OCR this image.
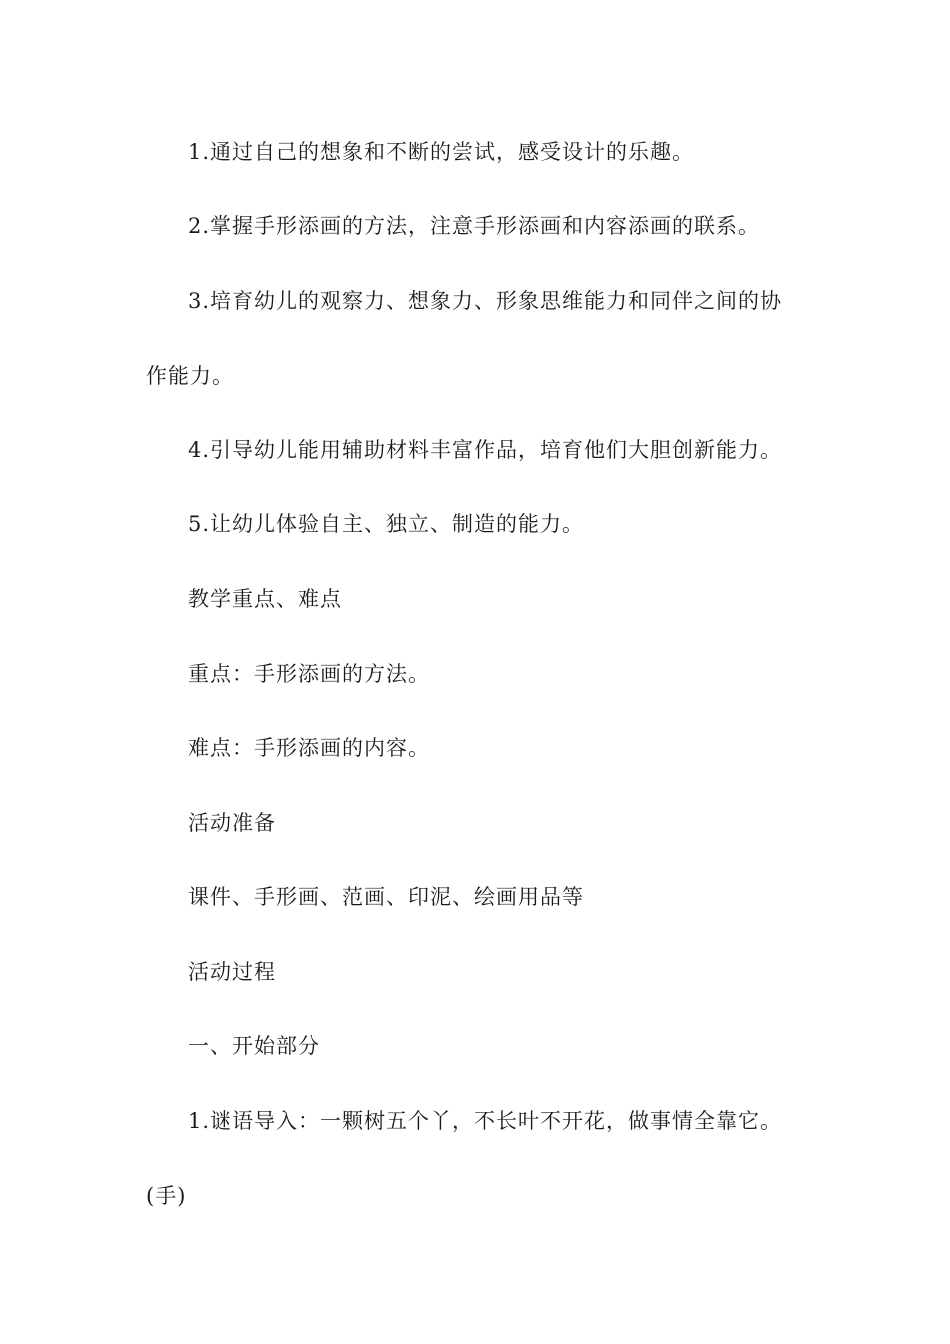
1.通过自己的想象和不断的尝试，感受设计的乐趣。
2.掌握手形添画的方法，注意手形添画和内容添画的联系。
3.培育幼儿的观察力、想象力、形象思维能力和同伴之间的协
作能力。
4.引导幼儿能用辅助材料丰富作品，培育他们大胆创新能力。
5.让幼儿体验自主、独立、制造的能力。
教学重点、难点
重点：手形添画的方法。
难点：手形添画的内容。
活动准备
课件、手形画、范画、印泥、绘画用品等
活动过程
一、开始部分
1.谜语导入：一颗树五个丫，不长叶不开花，做事情全靠它。
(手)
